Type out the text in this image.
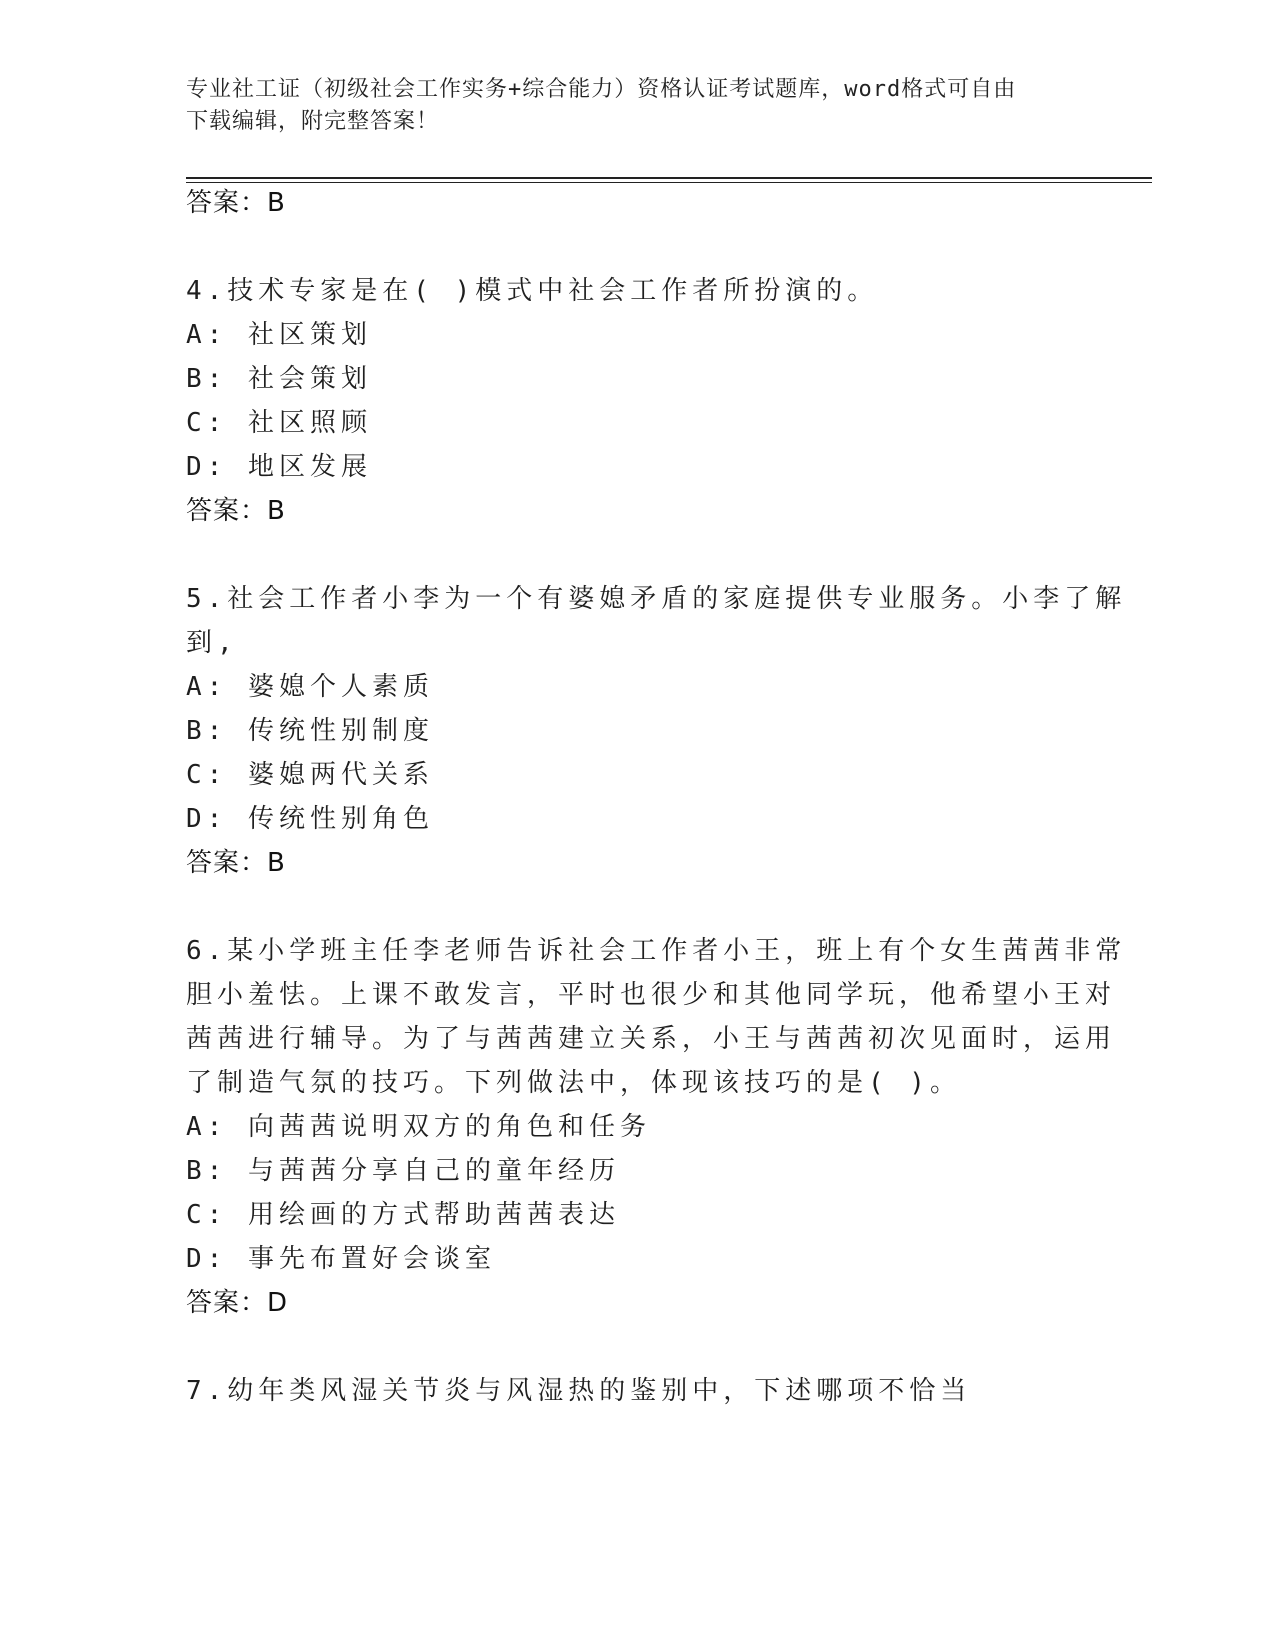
专业社工证（初级社会工作实务+综合能力）资格认证考试题库，word格式可自由
下载编辑，附完整答案！
答案：B
4.技术专家是在( )模式中社会工作者所扮演的。
A: 社区策划
B: 社会策划
C: 社区照顾
D: 地区发展
答案：B
5.社会工作者小李为一个有婆媳矛盾的家庭提供专业服务。小李了解
到,
A: 婆媳个人素质
B: 传统性别制度
C: 婆媳两代关系
D: 传统性别角色
答案：B
6.某小学班主任李老师告诉社会工作者小王，班上有个女生茜茜非常
胆小羞怯。上课不敢发言，平时也很少和其他同学玩，他希望小王对
茜茜进行辅导。为了与茜茜建立关系，小王与茜茜初次见面时，运用
了制造气氛的技巧。下列做法中，体现该技巧的是( )。
A: 向茜茜说明双方的角色和任务
B: 与茜茜分享自己的童年经历
C: 用绘画的方式帮助茜茜表达
D: 事先布置好会谈室
答案：D
7.幼年类风湿关节炎与风湿热的鉴别中，下述哪项不恰当
